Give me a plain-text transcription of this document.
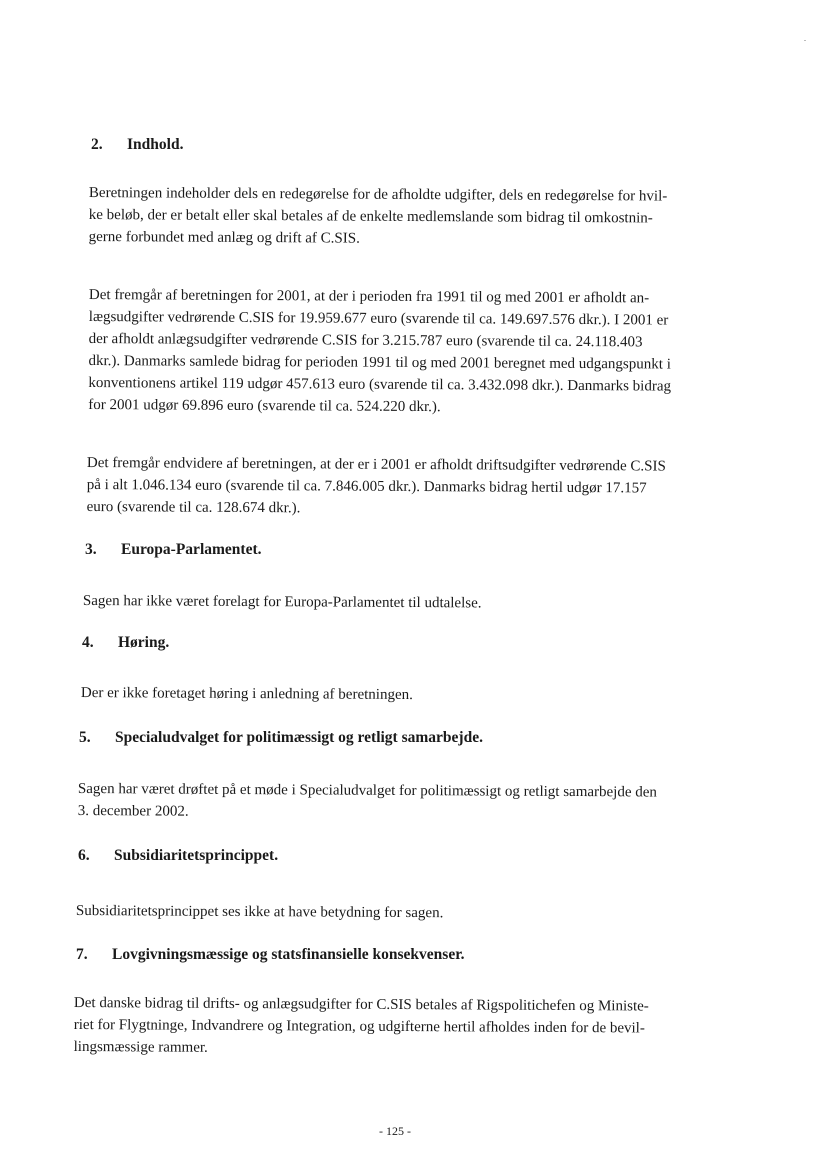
2. Indhold.
Beretningen indeholder dels en redegørelse for de afholdte udgifter, dels en redegørelse for hvil-
ke beløb, der er betalt eller skal betales af de enkelte medlemslande som bidrag til omkostnin-
gerne forbundet med anlæg og drift af C.SIS.
Det fremgår af beretningen for 2001, at der i perioden fra 1991 til og med 2001 er afholdt an-
lægsudgifter vedrørende C.SIS for 19.959.677 euro (svarende til ca. 149.697.576 dkr.). I 2001 er
der afholdt anlægsudgifter vedrørende C.SIS for 3.215.787 euro (svarende til ca. 24.118.403
dkr.). Danmarks samlede bidrag for perioden 1991 til og med 2001 beregnet med udgangspunkt i
konventionens artikel 119 udgør 457.613 euro (svarende til ca. 3.432.098 dkr.). Danmarks bidrag
for 2001 udgør 69.896 euro (svarende til ca. 524.220 dkr.).
Det fremgår endvidere af beretningen, at der er i 2001 er afholdt driftsudgifter vedrørende C.SIS
på i alt 1.046.134 euro (svarende til ca. 7.846.005 dkr.). Danmarks bidrag hertil udgør 17.157
euro (svarende til ca. 128.674 dkr.).
3. Europa-Parlamentet.
Sagen har ikke været forelagt for Europa-Parlamentet til udtalelse.
4. Høring.
Der er ikke foretaget høring i anledning af beretningen.
5. Specialudvalget for politimæssigt og retligt samarbejde.
Sagen har været drøftet på et møde i Specialudvalget for politimæssigt og retligt samarbejde den
3. december 2002.
6. Subsidiaritetsprincippet.
Subsidiaritetsprincippet ses ikke at have betydning for sagen.
7. Lovgivningsmæssige og statsfinansielle konsekvenser.
Det danske bidrag til drifts- og anlægsudgifter for C.SIS betales af Rigspolitichefen og Ministe-
riet for Flygtninge, Indvandrere og Integration, og udgifterne hertil afholdes inden for de bevil-
lingsmæssige rammer.
- 125 -
